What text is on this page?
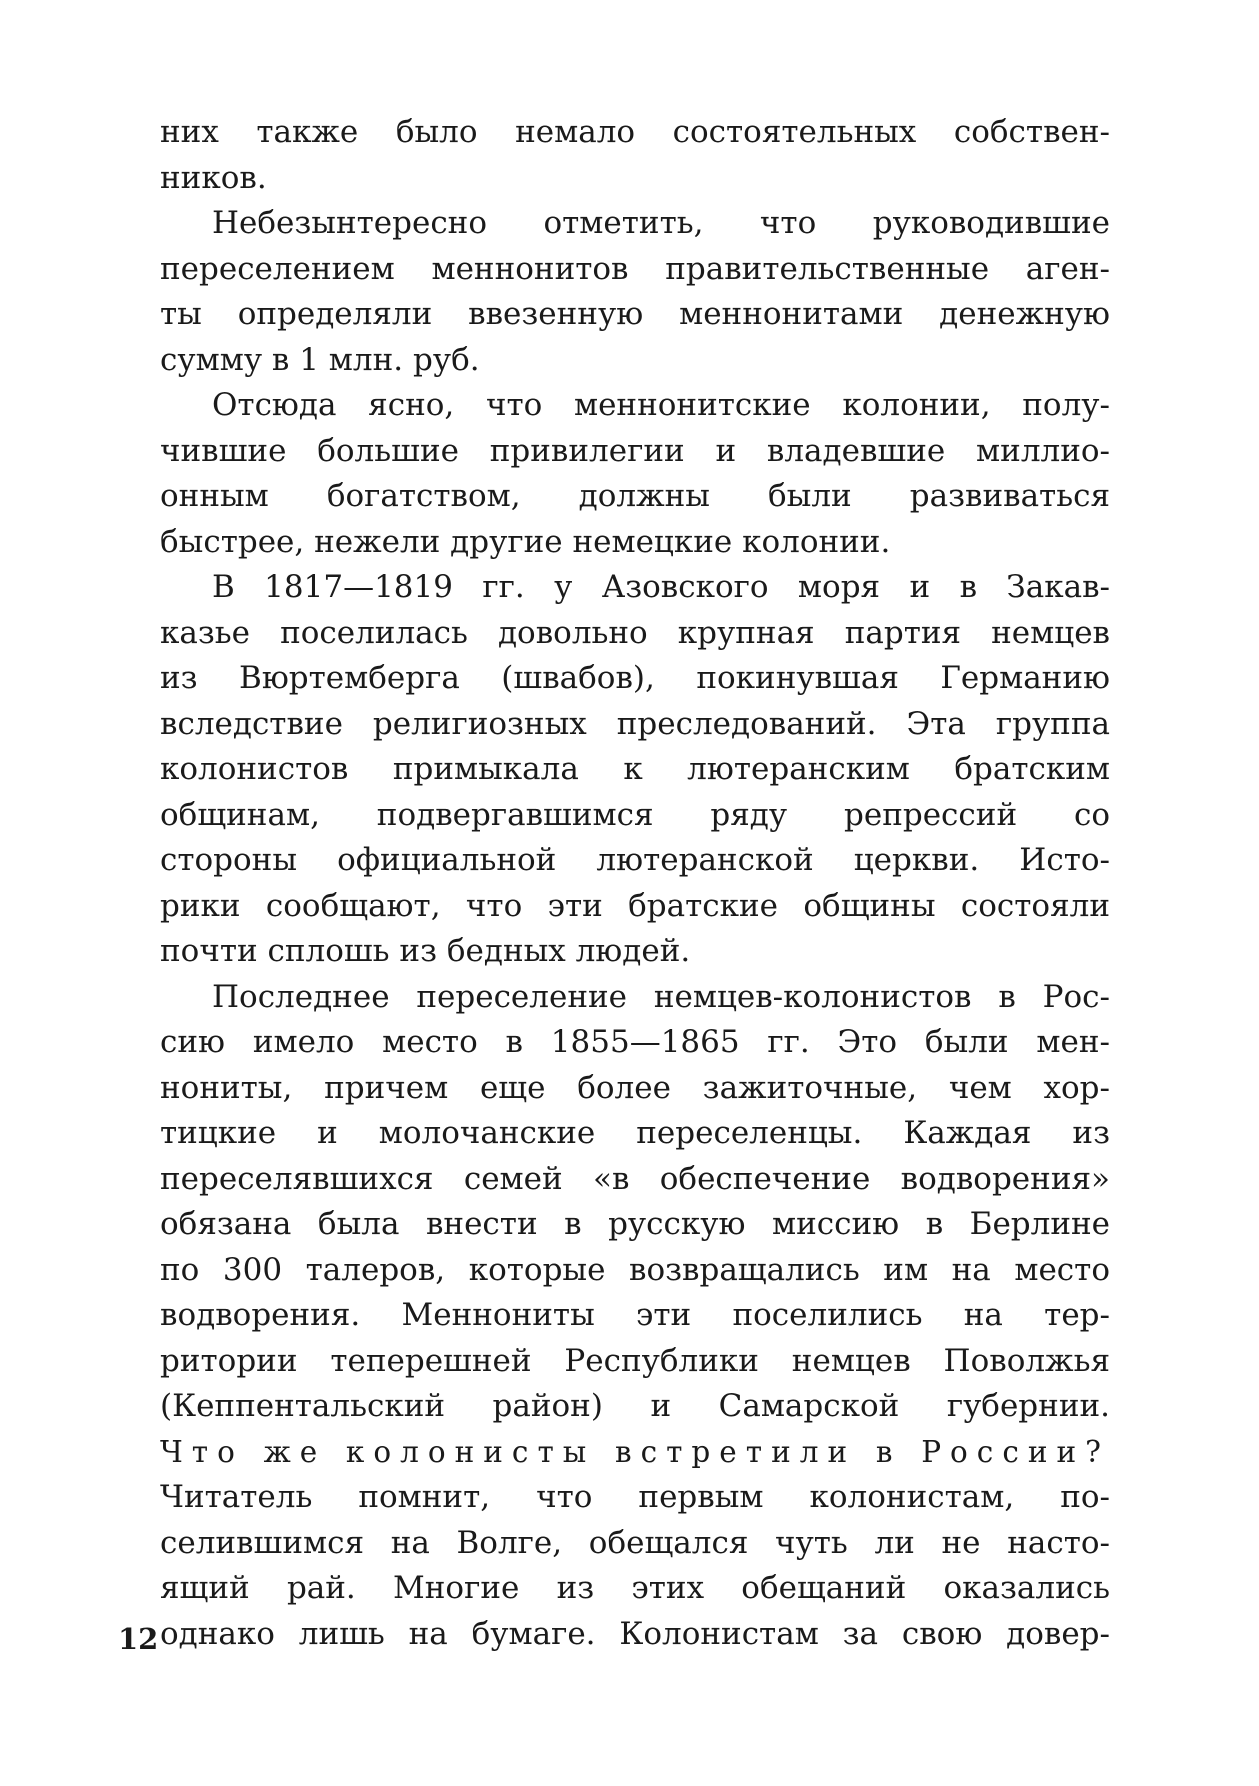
них также было немало состоятельных собствен-
ников.
Небезынтересно отметить, что руководившие
переселением меннонитов правительственные аген-
ты определяли ввезенную меннонитами денежную
сумму в 1 млн. руб.
Отсюда ясно, что меннонитские колонии, полу-
чившие большие привилегии и владевшие миллио-
онным богатством, должны были развиваться
быстрее, нежели другие немецкие колонии.
В 1817—1819 гг. у Азовского моря и в Закав-
казье поселилась довольно крупная партия немцев
из Вюртемберга (швабов), покинувшая Германию
вследствие религиозных преследований. Эта группа
колонистов примыкала к лютеранским братским
общинам, подвергавшимся ряду репрессий со
стороны официальной лютеранской церкви. Исто-
рики сообщают, что эти братские общины состояли
почти сплошь из бедных людей.
Последнее переселение немцев-колонистов в Рос-
сию имело место в 1855—1865 гг. Это были мен-
нониты, причем еще более зажиточные, чем хор-
тицкие и молочанские переселенцы. Каждая из
переселявшихся семей «в обеспечение водворения»
обязана была внести в русскую миссию в Берлине
по 300 талеров, которые возвращались им на место
водворения. Меннониты эти поселились на тер-
ритории теперешней Республики немцев Поволжья
(Кеппентальский район) и Самарской губернии.
Что же колонисты встретили в России?
Читатель помнит, что первым колонистам, по-
селившимся на Волге, обещался чуть ли не насто-
ящий рай. Многие из этих обещаний оказались
однако лишь на бумаге. Колонистам за свою довер-
12
